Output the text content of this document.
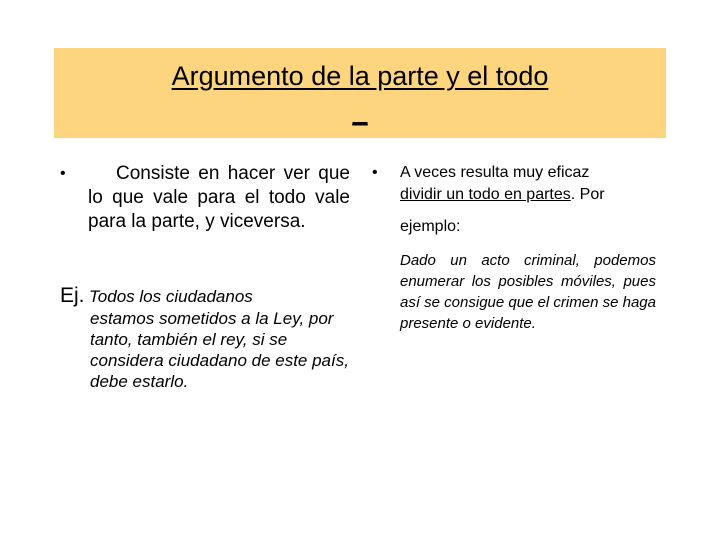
Argumento de la parte y el todo
_
•	Consiste en hacer ver que lo que vale para el todo vale para la parte, y viceversa.
Ej. Todos los ciudadanos
estamos sometidos a la Ley, por tanto, también el rey, si se considera ciudadano de este país, debe estarlo.
• A veces resulta muy eficaz
dividir un todo en partes. Por
ejemplo:
Dado un acto criminal, podemos enumerar los posibles móviles, pues así se consigue que el crimen se haga presente o evidente.
